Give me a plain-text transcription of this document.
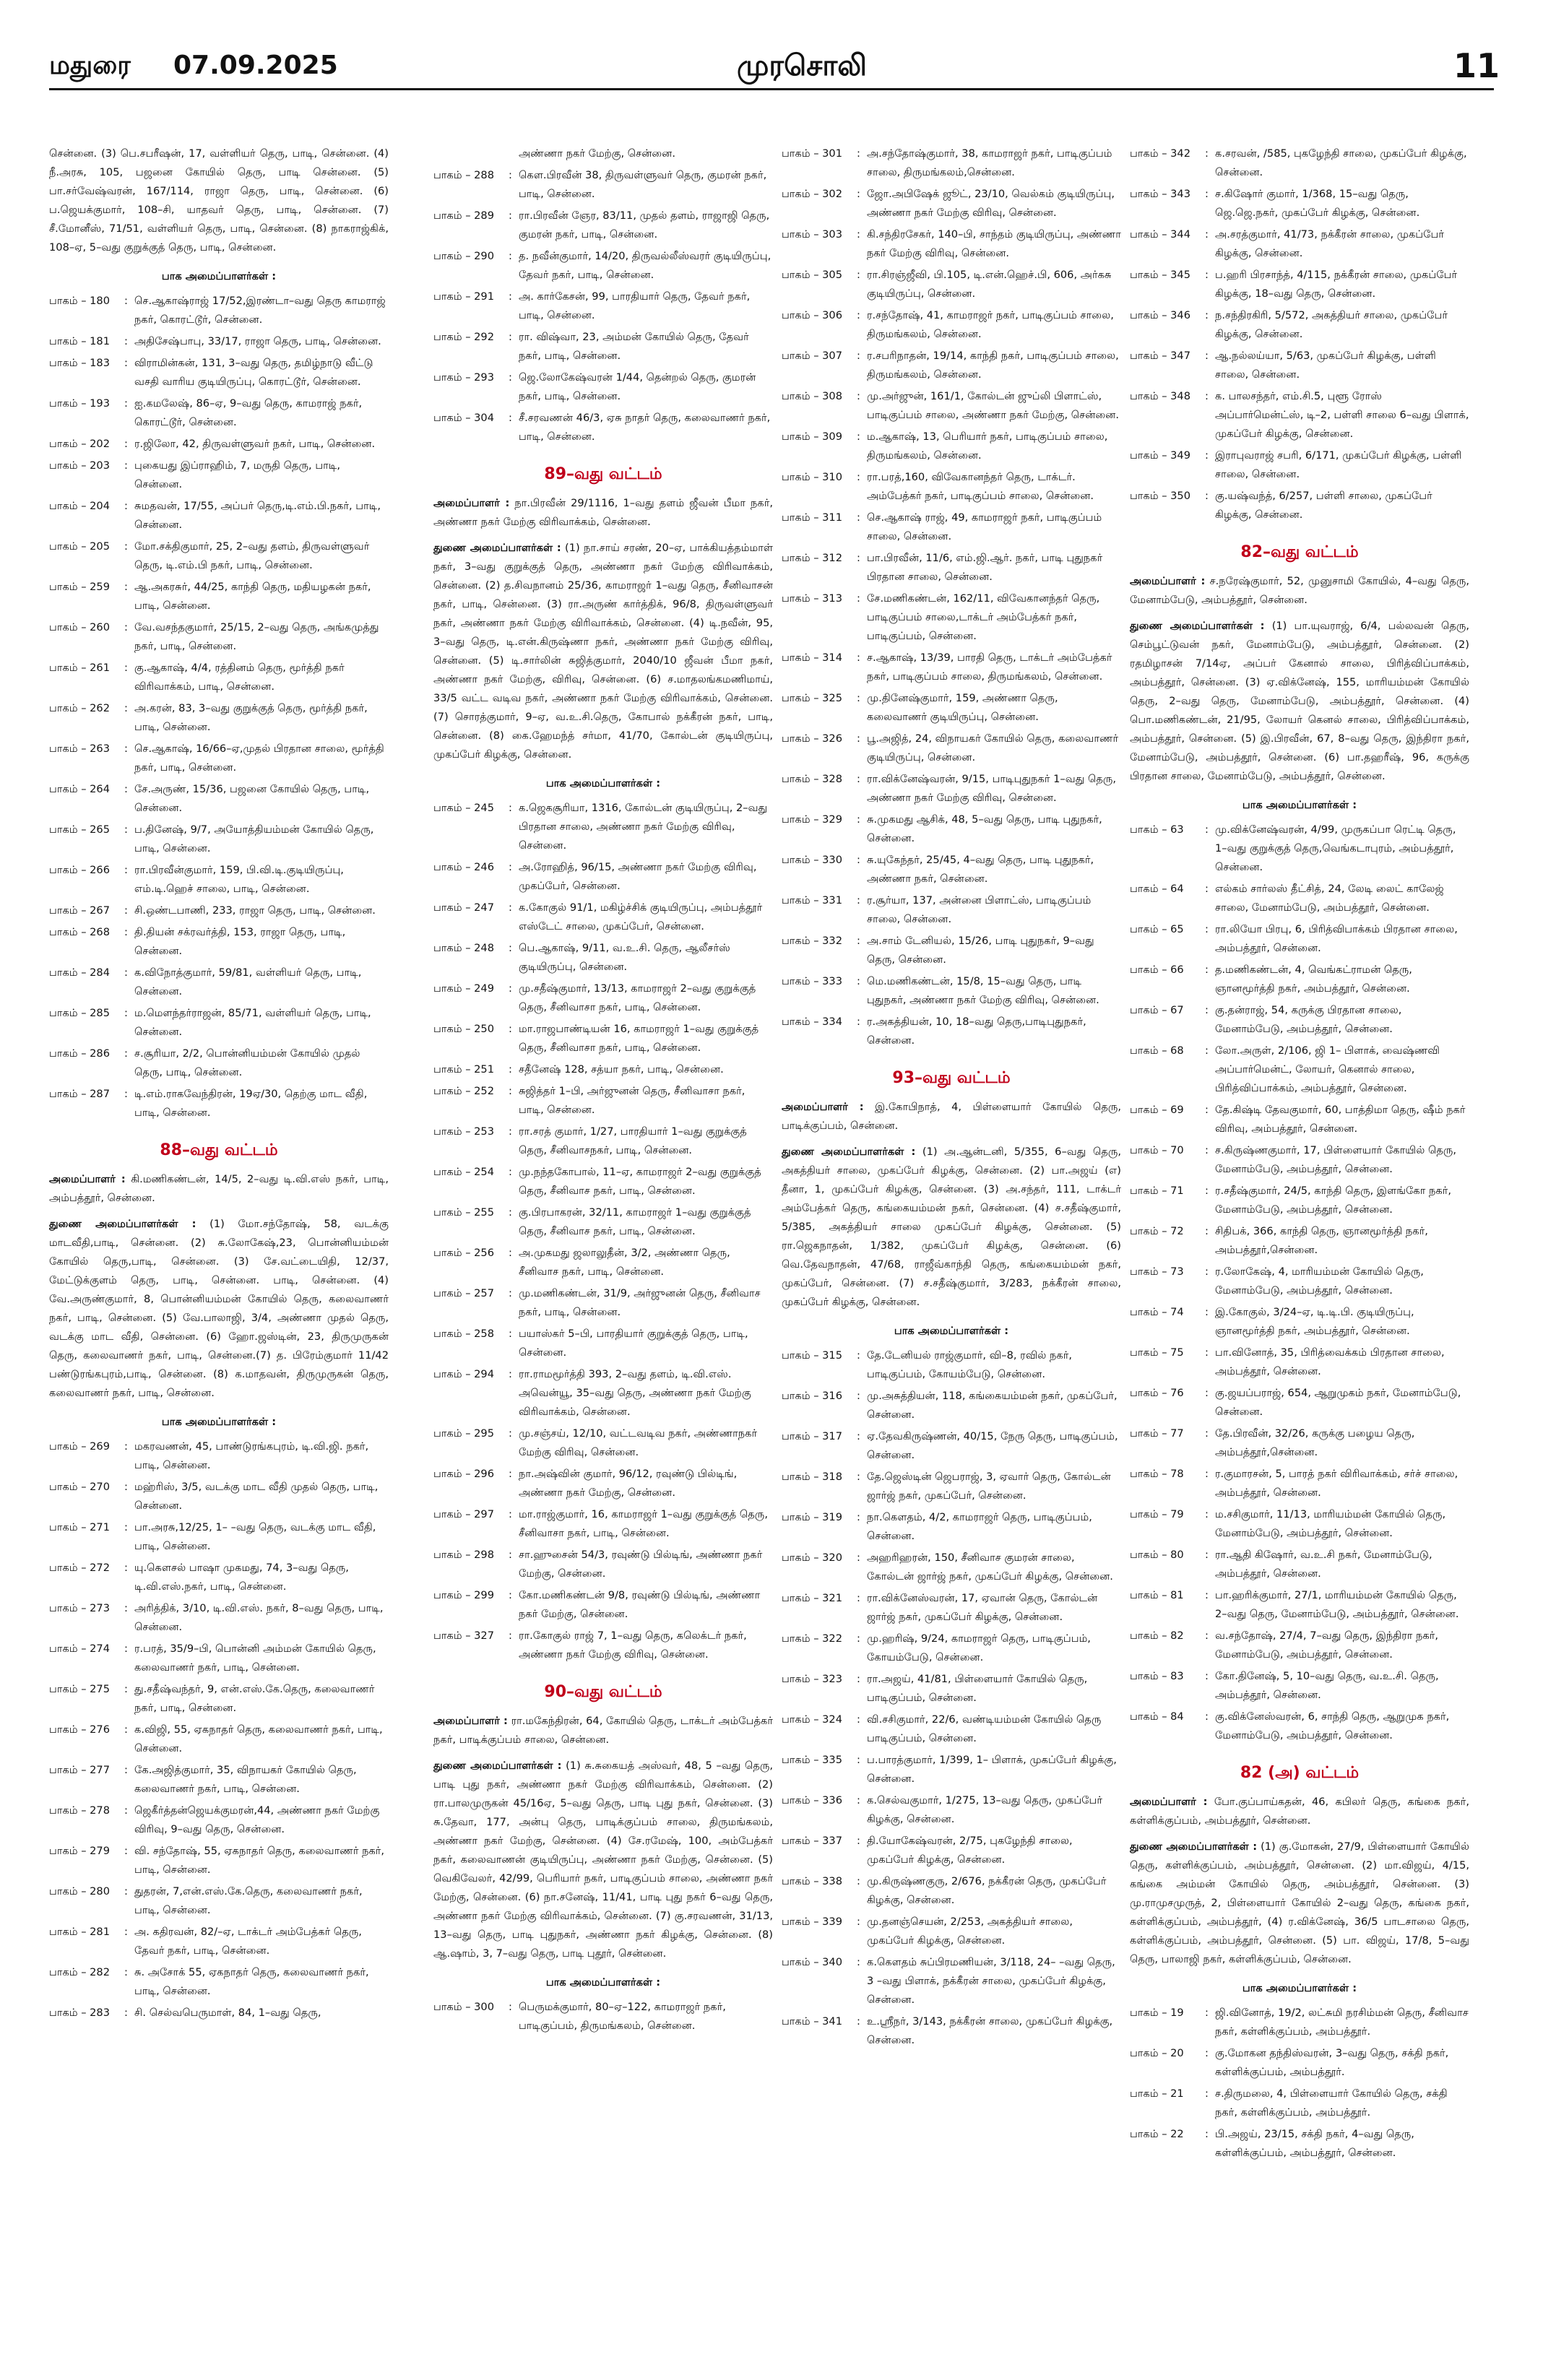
மதுரை 07.09.2025	முரசொலி	11

சென்னை. (3) பெ.சபரீஷன், 17, வள்ளியர் தெரு, பாடி, சென்னை. (4) நீ.அரசு, 105, பஜனை கோயில் தெரு, பாடி சென்னை. (5) பா.சர்வேஷ்வரன், 167/114, ராஜா தெரு, பாடி, சென்னை. (6) ப.ஜெயக்குமார், 108–சி, யாதவர் தெரு, பாடி, சென்னை. (7) சீ.மோனீஸ், 71/51, வள்ளியர் தெரு, பாடி, சென்னை. (8) நாகராஜ்கிக், 108–ஏ, 5–வது குறுக்குத் தெரு, பாடி, சென்னை.

பாக அமைப்பாளர்கள் :
பாகம் – 180	: செ.ஆகாஷ்ராஜ் 17/52,இரண்டா–வது தெரு காமராஜ் நகர், கொரட்டூர், சென்னை.
பாகம் – 181	: அதிசேஷ்பாபு, 33/17, ராஜா தெரு, பாடி, சென்னை.
பாகம் – 183	: விராமின்கன், 131, 3–வது தெரு, தமிழ்நாடு வீட்டு வசதி வாரிய குடியிருப்பு, கொரட்டூர், சென்னை.
பாகம் – 193	: ஐ.கமலேஷ், 86–ஏ, 9–வது தெரு, காமராஜ் நகர், கொரட்டூர், சென்னை.
பாகம் – 202	: ர.ஜிலோ, 42, திருவள்ளுவர் நகர், பாடி, சென்னை.
பாகம் – 203	: புகையது இப்ராஹிம், 7, மருதி தெரு, பாடி, சென்னை.
பாகம் – 204	: சுமதவன், 17/55, அப்பர் தெரு,டி.எம்.பி.நகர், பாடி, சென்னை.
பாகம் – 205	: மோ.சக்திகுமார், 25, 2–வது தளம், திருவள்ளுவர் தெரு, டி.எம்.பி நகர், பாடி, சென்னை.
பாகம் – 259	: ஆ.அகரசுர், 44/25, காந்தி தெரு, மதியழகன் நகர், பாடி, சென்னை.
பாகம் – 260	: வே.வசந்தகுமார், 25/15, 2–வது தெரு, அங்கமுத்து நகர், பாடி, சென்னை.
பாகம் – 261	: கு.ஆகாஷ், 4/4, ரத்தினம் தெரு, மூர்த்தி நகர் விரிவாக்கம், பாடி, சென்னை.
பாகம் – 262	: அ.கரன், 83, 3–வது குறுக்குத் தெரு, மூர்த்தி நகர், பாடி, சென்னை.
பாகம் – 263	: செ.ஆகாஷ், 16/66–ஏ,முதல் பிரதான சாலை, மூர்த்தி நகர், பாடி, சென்னை.
பாகம் – 264	: சே.அருண், 15/36, பஜனை கோயில் தெரு, பாடி, சென்னை.
பாகம் – 265	: ப.தினேஷ், 9/7, அயோத்தியம்மன் கோயில் தெரு, பாடி, சென்னை.
பாகம் – 266	: ரா.பிரவீன்குமார், 159, பி.வி.டி.குடியிருப்பு, எம்.டி.ஹெச் சாலை, பாடி, சென்னை.
பாகம் – 267	: சி.ஒண்டபாணி, 233, ராஜா தெரு, பாடி, சென்னை.
பாகம் – 268	: தி.தியன் சக்ரவர்த்தி, 153, ராஜா தெரு, பாடி, சென்னை.
பாகம் – 284	: க.விநோத்குமார், 59/81, வள்ளியர் தெரு, பாடி, சென்னை.
பாகம் – 285	: ம.மெளந்தர்ராஜன், 85/71, வள்ளியர் தெரு, பாடி, சென்னை.
பாகம் – 286	: ச.சூரியா, 2/2, பொன்னியம்மன் கோயில் முதல் தெரு, பாடி, சென்னை.
பாகம் – 287	: டி.எம்.ராகவேந்திரன், 19ஏ/30, தெற்கு மாட வீதி, பாடி, சென்னை.
88–வது வட்டம்

அமைப்பாளர் : கி.மணிகண்டன், 14/5, 2–வது டி.வி.எஸ் நகர், பாடி, அம்பத்தூர், சென்னை.

துணை அமைப்பாளர்கள் : (1) மோ.சந்தோஷ், 58, வடக்கு மாடவீதி,பாடி, சென்னை. (2) சு.லோகேஷ்,23, பொன்னியம்மன் கோயில் தெரு,பாடி, சென்னை. (3) சே.வட்டையிதி, 12/37, மேட்டுக்குளம் தெரு, பாடி, சென்னை. பாடி, சென்னை. (4) வே.அருண்குமார், 8, பொன்னியம்மன் கோயில் தெரு, கலைவாணர் நகர், பாடி, சென்னை. (5) வே.பாலாஜி, 3/4, அண்ணா முதல் தெரு, வடக்கு மாட வீதி, சென்னை. (6) ஹோ.ஜஸ்டின், 23, திருமுருகன் தெரு, கலைவாணர் நகர், பாடி, சென்னை.(7) த. பிரேம்குமார் 11/42 பண்டுரங்கபுரம்,பாடி, சென்னை. (8) க.மாதவன், திருமுருகன் தெரு, கலைவாணர் நகர், பாடி, சென்னை.

பாக அமைப்பாளர்கள் :
பாகம் – 269	: மகரவணன், 45, பாண்டுரங்கபுரம், டி.வி.ஜி. நகர், பாடி, சென்னை.
பாகம் – 270	: மஹ்ரிஸ், 3/5, வடக்கு மாட வீதி முதல் தெரு, பாடி, சென்னை.
பாகம் – 271	: பா.அரசு,12/25, 1– –வது தெரு, வடக்கு மாட வீதி, பாடி, சென்னை.
பாகம் – 272	: யு.கௌசல் பாஷா முகமது, 74, 3–வது தெரு, டி.வி.எஸ்.நகர், பாடி, சென்னை.
பாகம் – 273	: அரித்திக், 3/10, டி.வி.எஸ். நகர், 8–வது தெரு, பாடி, சென்னை.
பாகம் – 274	: ர.பரத், 35/9–பி, பொன்னி அம்மன் கோயில் தெரு, கலைவாணர் நகர், பாடி, சென்னை.
பாகம் – 275	: து.சதீஷ்வந்தர், 9, என்.எஸ்.கே.தெரு, கலைவாணர் நகர், பாடி, சென்னை.
பாகம் – 276	: க.விஜி, 55, ஏகநாதர் தெரு, கலைவாணர் நகர், பாடி, சென்னை.
பாகம் – 277	: கே.அஜித்குமார், 35, விநாயகர் கோயில் தெரு, கலைவாணர் நகர், பாடி, சென்னை.
பாகம் – 278	: ஜெகீர்த்தன்ஜெயக்குமரன்,44, அண்ணா நகர் மேற்கு விரிவு, 9–வது தெரு, சென்னை.
பாகம் – 279	: வி. சந்தோஷ், 55, ஏகநாதர் தெரு, கலைவாணர் நகர், பாடி, சென்னை.
பாகம் – 280	: துதரன், 7,என்.எஸ்.கே.தெரு, கலைவாணர் நகர், பாடி, சென்னை.
பாகம் – 281	: அ. கதிரவன், 82/–ஏ, டாக்டர் அம்பேத்கர் தெரு, தேவர் நகர், பாடி, சென்னை.
பாகம் – 282	: சு. அசோக் 55, ஏகநாதர் தெரு, கலைவாணர் நகர், பாடி, சென்னை.
பாகம் – 283	: சி. செல்வபெருமாள், 84, 1–வது தெரு,
அண்ணா நகர் மேற்கு, சென்னை.
பாகம் – 288	: கௌ.பிரவீன் 38, திருவள்ளுவர் தெரு, குமரன் நகர், பாடி, சென்னை.
பாகம் – 289	: ரா.பிரவீன் ஞேர, 83/11, முதல் தளம், ராஜாஜி தெரு, குமரன் நகர், பாடி, சென்னை.
பாகம் – 290	: த. நவீன்குமார், 14/20, திருவல்லீஸ்வரர் குடியிருப்பு, தேவர் நகர், பாடி, சென்னை.
பாகம் – 291	: அ. கார்கேசன், 99, பாரதியார் தெரு, தேவர் நகர், பாடி, சென்னை.
பாகம் – 292	: ரா. விஷ்வா, 23, அம்மன் கோயில் தெரு, தேவர் நகர், பாடி, சென்னை.
பாகம் – 293	: ஜெ.லோகேஷ்வரன் 1/44, தென்றல் தெரு, குமரன் நகர், பாடி, சென்னை.
பாகம் – 304	: சீ.சரவணன் 46/3, ஏசு நாதர் தெரு, கலைவாணர் நகர், பாடி, சென்னை.
89–வது வட்டம்

அமைப்பாளர் : நா.பிரவீன் 29/1116, 1–வது தளம் ஜீவன் பீமா நகர், அண்ணா நகர் மேற்கு விரிவாக்கம், சென்னை.

துணை அமைப்பாளர்கள் : (1) நா.சாய் சரண், 20–ஏ, பாக்கியத்தம்மாள் நகர், 3–வது குறுக்குத் தெரு, அண்ணா நகர் மேற்கு விரிவாக்கம், சென்னை. (2) த.சிவநானம் 25/36, காமராஜர் 1–வது தெரு, சீனிவாசன் நகர், பாடி, சென்னை. (3) ரா.அருண் கார்த்திக், 96/8, திருவள்ளுவர் நகர், அண்ணா நகர் மேற்கு விரிவாக்கம், சென்னை. (4) டி.நவீன், 95, 3–வது தெரு, டி.என்.கிருஷ்ணா நகர், அண்ணா நகர் மேற்கு விரிவு, சென்னை. (5) டி.சார்லின் சுஜித்குமார், 2040/10 ஜீவன் பீமா நகர், அண்ணா நகர் மேற்கு, விரிவு, சென்னை. (6) ச.மாதலங்கமணிமாய், 33/5 வட்ட வடிவ நகர், அண்ணா நகர் மேற்கு விரிவாக்கம், சென்னை. (7) சொரத்குமார், 9–ஏ, வ.உ.சி.தெரு, கோபால் நக்கீரன் நகர், பாடி, சென்னை. (8) கை.ஹேமந்த் சர்மா, 41/70, கோல்டன் குடியிருப்பு, முகப்பேர் கிழக்கு, சென்னை.

பாக அமைப்பாளர்கள் :
பாகம் – 245	: க.ஜெகசூரியா, 1316, கோல்டன் குடியிருப்பு, 2–வது பிரதான சாலை, அண்ணா நகர் மேற்கு விரிவு, சென்னை.
பாகம் – 246	: அ.ரோஹித், 96/15, அண்ணா நகர் மேற்கு விரிவு, முகப்பேர், சென்னை.
பாகம் – 247	: க.கோகுல் 91/1, மகிழ்ச்சிக் குடியிருப்பு, அம்பத்தூர் எஸ்டேட் சாலை, முகப்பேர், சென்னை.
பாகம் – 248	: பெ.ஆகாஷ், 9/11, வ.உ.சி. தெரு, ஆலீசர்ஸ் குடியிருப்பு, சென்னை.
பாகம் – 249	: மு.சதீஷ்குமார், 13/13, காமராஜர் 2–வது குறுக்குத் தெரு, சீனிவாசா நகர், பாடி, சென்னை.
பாகம் – 250	: மா.ராஜபாண்டியன் 16, காமராஜர் 1–வது குறுக்குத் தெரு, சீனிவாசா நகர், பாடி, சென்னை.
பாகம் – 251	: சதீனேஷ் 128, சத்யா நகர், பாடி, சென்னை.
பாகம் – 252	: சுஜித்தர் 1–பி, அர்ஜுனன் தெரு, சீனிவாசா நகர், பாடி, சென்னை.
பாகம் – 253	: ரா.சரத் குமார், 1/27, பாரதியார் 1–வது குறுக்குத் தெரு, சீனிவாசநகர், பாடி, சென்னை.
பாகம் – 254	: மு.நந்தகோபால், 11–ஏ, காமராஜர் 2–வது குறுக்குத் தெரு, சீனிவாச நகர், பாடி, சென்னை.
பாகம் – 255	: கு.பிரபாகரன், 32/11, காமராஜர் 1–வது குறுக்குத் தெரு, சீனிவாச நகர், பாடி, சென்னை.
பாகம் – 256	: அ.முகமது ஜலாலுதீன், 3/2, அண்ணா தெரு, சீனிவாச நகர், பாடி, சென்னை.
பாகம் – 257	: மு.மணிகண்டன், 31/9, அர்ஜுனன் தெரு, சீனிவாச நகர், பாடி, சென்னை.
பாகம் – 258	: பயாஸ்கர் 5–பி, பாரதியார் குறுக்குத் தெரு, பாடி, சென்னை.
பாகம் – 294	: ரா.ராமமூர்த்தி 393, 2–வது தளம், டி.வி.எஸ். அவென்யூ, 35–வது தெரு, அண்ணா நகர் மேற்கு விரிவாக்கம், சென்னை.
பாகம் – 295	: மு.சஞ்சய், 12/10, வட்டவடிவ நகர், அண்ணாநகர் மேற்கு விரிவு, சென்னை.
பாகம் – 296	: நா.அஷ்வின் குமார், 96/12, ரவுண்டு பில்டிங், அண்ணா நகர் மேற்கு, சென்னை.
பாகம் – 297	: மா.ராஜ்குமார், 16, காமராஜர் 1–வது குறுக்குத் தெரு, சீனிவாசா நகர், பாடி, சென்னை.
பாகம் – 298	: சா.ஹுசைன் 54/3, ரவுண்டு பில்டிங், அண்ணா நகர் மேற்கு, சென்னை.
பாகம் – 299	: கோ.மணிகண்டன் 9/8, ரவுண்டு பில்டிங், அண்ணா நகர் மேற்கு, சென்னை.
பாகம் – 327	: ரா.கோகுல் ராஜ் 7, 1–வது தெரு, கலெக்டர் நகர், அண்ணா நகர் மேற்கு விரிவு, சென்னை.
90–வது வட்டம்

அமைப்பாளர் : ரா.மகேந்திரன், 64, கோயில் தெரு, டாக்டர் அம்பேத்கர் நகர், பாடிக்குப்பம் சாலை, சென்னை.

துணை அமைப்பாளர்கள் : (1) சு.சுகையத் அஸ்வர், 48, 5 –வது தெரு, பாடி புது நகர், அண்ணா நகர் மேற்கு விரிவாக்கம், சென்னை. (2) ரா.பாலமுருகன் 45/16ஏ, 5–வது தெரு, பாடி புது நகர், சென்னை. (3) சு.தேவா, 177, அன்பு தெரு, பாடிக்குப்பம் சாலை, திருமங்கலம், அண்ணா நகர் மேற்கு, சென்னை. (4) சே.ரமேஷ், 100, அம்பேத்கர் நகர், கலைவாணன் குடியிருப்பு, அண்ணா நகர் மேற்கு, சென்னை. (5) வெகிவேலர், 42/99, பெரியார் நகர், பாடிகுப்பம் சாலை, அண்ணா நகர் மேற்கு, சென்னை. (6) நா.சனேஷ், 11/41, பாடி புது நகர் 6–வது தெரு, அண்ணா நகர் மேற்கு விரிவாக்கம், சென்னை. (7) கு.சரவணன், 31/13, 13–வது தெரு, பாடி புதுநகர், அண்ணா நகர் கிழக்கு, சென்னை. (8) ஆ.ஷாம், 3, 7–வது தெரு, பாடி புதூர், சென்னை.

பாக அமைப்பாளர்கள் :
பாகம் – 300	: பெருமக்குமார், 80–ஏ–122, காமராஜர் நகர், பாடிகுப்பம், திருமங்கலம், சென்னை.
பாகம் – 301	: அ.சந்தோஷ்குமார், 38, காமராஜர் நகர், பாடிகுப்பம் சாலை, திருமங்கலம்,சென்னை.
பாகம் – 302	: ஜோ.அபிஷேக் ஜூட், 23/10, வெல்கம் குடியிருப்பு, அண்ணா நகர் மேற்கு விரிவு, சென்னை.
பாகம் – 303	: கி.சந்திரசேகர், 140–பி, சாந்தம் குடியிருப்பு, அண்ணா நகர் மேற்கு விரிவு, சென்னை.
பாகம் – 305	: ரா.சிரஞ்ஜீவி, பி.105, டி.என்.ஹெச்.பி, 606, அர்கசு குடியிருப்பு, சென்னை.
பாகம் – 306	: ர.சந்தோஷ், 41, காமராஜர் நகர், பாடிகுப்பம் சாலை, திருமங்கலம், சென்னை.
பாகம் – 307	: ர.சபரிநாதன், 19/14, காந்தி நகர், பாடிகுப்பம் சாலை, திருமங்கலம், சென்னை.
பாகம் – 308	: மு.அர்ஜுன், 161/1, கோல்டன் ஜுப்லி பிளாட்ஸ், பாடிகுப்பம் சாலை, அண்ணா நகர் மேற்கு, சென்னை.
பாகம் – 309	: ம.ஆகாஷ், 13, பெரியார் நகர், பாடிகுப்பம் சாலை, திருமங்கலம், சென்னை.
பாகம் – 310	: ரா.பரத்,160, விவேகானந்தர் தெரு, டாக்டர். அம்பேத்கர் நகர், பாடிகுப்பம் சாலை, சென்னை.
பாகம் – 311	: செ.ஆகாஷ் ராஜ், 49, காமராஜர் நகர், பாடிகுப்பம் சாலை, சென்னை.
பாகம் – 312	: பா.பிரவீன், 11/6, எம்.ஜி.ஆர். நகர், பாடி புதுநகர் பிரதான சாலை, சென்னை.
பாகம் – 313	: சே.மணிகண்டன், 162/11, விவேகானந்தர் தெரு, பாடிகுப்பம் சாலை,டாக்டர் அம்பேத்கர் நகர், பாடிகுப்பம், சென்னை.
பாகம் – 314	: ச.ஆகாஷ், 13/39, பாரதி தெரு, டாக்டர் அம்பேத்கர் நகர், பாடிகுப்பம் சாலை, திருமங்கலம், சென்னை.
பாகம் – 325	: மு.தினேஷ்குமார், 159, அண்ணா தெரு, கலைவாணர் குடியிருப்பு, சென்னை.
பாகம் – 326	: பூ.அஜித், 24, விநாயகர் கோயில் தெரு, கலைவாணர் குடியிருப்பு, சென்னை.
பாகம் – 328	: ரா.விக்னேஷ்வரன், 9/15, பாடிபுதுநகர் 1–வது தெரு, அண்ணா நகர் மேற்கு விரிவு, சென்னை.
பாகம் – 329	: சு.முகமது ஆசிக், 48, 5–வது தெரு, பாடி புதுநகர், சென்னை.
பாகம் – 330	: சு.யுகேந்தர், 25/45, 4–வது தெரு, பாடி புதுநகர், அண்ணா நகர், சென்னை.
பாகம் – 331	: ர.சூர்யா, 137, அன்னை பிளாட்ஸ், பாடிகுப்பம் சாலை, சென்னை.
பாகம் – 332	: அ.சாம் டேனியல், 15/26, பாடி புதுநகர், 9–வது தெரு, சென்னை.
பாகம் – 333	: மெ.மணிகண்டன், 15/8, 15–வது தெரு, பாடி புதுநகர், அண்ணா நகர் மேற்கு விரிவு, சென்னை.
பாகம் – 334	: ர.அகத்தியன், 10, 18–வது தெரு,பாடிபுதுநகர், சென்னை.
93–வது வட்டம்

அமைப்பாளர் : இ.கோபிநாத், 4, பிள்ளையார் கோயில் தெரு, பாடிக்குப்பம், சென்னை.

துணை அமைப்பாளர்கள் : (1) அ.ஆன்டனி, 5/355, 6–வது தெரு, அகத்தியர் சாலை, முகப்பேர் கிழக்கு, சென்னை. (2) பா.அஜய் (எ) தீனா, 1, முகப்பேர் கிழக்கு, சென்னை. (3) அ.சந்தர், 111, டாக்டர் அம்பேத்கர் தெரு, கங்கையம்மன் நகர், சென்னை. (4) ச.சதீஷ்குமார், 5/385, அகத்தியர் சாலை முகப்பேர் கிழக்கு, சென்னை. (5) ரா.ஜெகநாதன், 1/382, முகப்பேர் கிழக்கு, சென்னை. (6) வெ.தேவநாதன், 47/68, ராஜீவ்காந்தி தெரு, கங்கையம்மன் நகர், முகப்பேர், சென்னை. (7) ச.சதீஷ்குமார், 3/283, நக்கீரன் சாலை, முகப்பேர் கிழக்கு, சென்னை.

பாக அமைப்பாளர்கள் :
பாகம் – 315	: தே.டேனியல் ராஜ்குமார், வி–8, ரவில் நகர், பாடிகுப்பம், கோயம்பேடு, சென்னை.
பாகம் – 316	: மு.அசுத்தியன், 118, கங்கையம்மன் நகர், முகப்பேர், சென்னை.
பாகம் – 317	: ஏ.தேவகிருஷ்ணன், 40/15, நேரு தெரு, பாடிகுப்பம், சென்னை.
பாகம் – 318	: தே.ஜெஸ்டின் ஜெபராஜ், 3, ஏவார் தெரு, கோல்டன் ஜார்ஜ் நகர், முகப்பேர், சென்னை.
பாகம் – 319	: நா.கௌதம், 4/2, காமராஜர் தெரு, பாடிகுப்பம், சென்னை.
பாகம் – 320	: அஹரிஹரன், 150, சீனிவாச குமரன் சாலை, கோல்டன் ஜார்ஜ் நகர், முகப்பேர் கிழக்கு, சென்னை.
பாகம் – 321	: ரா.விக்னேஸ்வரன், 17, ஏவான் தெரு, கோல்டன் ஜார்ஜ் நகர், முகப்பேர் கிழக்கு, சென்னை.
பாகம் – 322	: மு.ஹரிஷ், 9/24, காமராஜர் தெரு, பாடிகுப்பம், கோயம்பேடு, சென்னை.
பாகம் – 323	: ரா.அஜய், 41/81, பிள்ளையார் கோயில் தெரு, பாடிகுப்பம், சென்னை.
பாகம் – 324	: வி.சசிகுமார், 22/6, வண்டியம்மன் கோயில் தெரு பாடிகுப்பம், சென்னை.
பாகம் – 335	: ப.பாரத்குமார், 1/399, 1– பிளாக், முகப்பேர் கிழக்கு, சென்னை.
பாகம் – 336	: க.செல்வகுமார், 1/275, 13–வது தெரு, முகப்பேர் கிழக்கு, சென்னை.
பாகம் – 337	: தி.யோகேஷ்வரன், 2/75, புகழேந்தி சாலை, முகப்பேர் கிழக்கு, சென்னை.
பாகம் – 338	: மு.கிருஷ்ணகுரு, 2/676, நக்கீரன் தெரு, முகப்பேர் கிழக்கு, சென்னை.
பாகம் – 339	: மு.தனஞ்செயன், 2/253, அகத்தியர் சாலை, முகப்பேர் கிழக்கு, சென்னை.
பாகம் – 340	: க.கௌதம் சுப்பிரமணியன், 3/118, 24– –வது தெரு, 3 –வது பிளாக், நக்கீரன் சாலை, முகப்பேர் கிழக்கு, சென்னை.
பாகம் – 341	: உ.ஸ்ரீநர், 3/143, நக்கீரன் சாலை, முகப்பேர் கிழக்கு, சென்னை.
பாகம் – 342	: க.சரவன், /585, புகழேந்தி சாலை, முகப்பேர் கிழக்கு, சென்னை.
பாகம் – 343	: ச.கிஷோர் குமார், 1/368, 15–வது தெரு, ஜெ.ஜெ.நகர், முகப்பேர் கிழக்கு, சென்னை.
பாகம் – 344	: அ.சரத்குமார், 41/73, நக்கீரன் சாலை, முகப்பேர் கிழக்கு, சென்னை.
பாகம் – 345	: ப.ஹரி பிரசாந்த், 4/115, நக்கீரன் சாலை, முகப்பேர் கிழக்கு, 18–வது தெரு, சென்னை.
பாகம் – 346	: ந.சந்திரகிரி, 5/572, அகத்தியர் சாலை, முகப்பேர் கிழக்கு, சென்னை.
பாகம் – 347	: ஆ.நல்லய்யா, 5/63, முகப்பேர் கிழக்கு, பள்ளி சாலை, சென்னை.
பாகம் – 348	: க. பாலசந்தர், எம்.சி.5, புளூ ரோஸ் அப்பார்மென்ட்ஸ், டி–2, பள்ளி சாலை 6–வது பிளாக், முகப்பேர் கிழக்கு, சென்னை.
பாகம் – 349	: இராபுவராஜ் சபரி, 6/171, முகப்பேர் கிழக்கு, பள்ளி சாலை, சென்னை.
பாகம் – 350	: கு.யஷ்வந்த், 6/257, பள்ளி சாலை, முகப்பேர் கிழக்கு, சென்னை.
82–வது வட்டம்

அமைப்பாளர் : ச.நரேஷ்குமார், 52, முனுசாமி கோயில், 4–வது தெரு, மேனாம்பேடு, அம்பத்தூர், சென்னை.

துணை அமைப்பாளர்கள் : (1) பா.யுவராஜ், 6/4, பல்லவன் தெரு, செம்பூட்டுவன் நகர், மேனாம்பேடு, அம்பத்தூர், சென்னை. (2) ரதமிழாசன் 7/14ஏ, அப்பர் கேனால் சாலை, பிரித்விப்பாக்கம், அம்பத்தூர், சென்னை. (3) ஏ.விக்னேஷ், 155, மாரியம்மன் கோயில் தெரு, 2–வது தெரு, மேனாம்பேடு, அம்பத்தூர், சென்னை. (4) பொ.மணிகண்டன், 21/95, லோயர் கெனல் சாலை, பிரித்விப்பாக்கம், அம்பத்தூர், சென்னை. (5) இ.பிரவீன், 67, 8–வது தெரு, இந்திரா நகர், மேனாம்பேடு, அம்பத்தூர், சென்னை. (6) பா.தஹரீஷ், 96, கருக்கு பிரதான சாலை, மேனாம்பேடு, அம்பத்தூர், சென்னை.

பாக அமைப்பாளர்கள் :
பாகம் – 63	: மு.விக்னேஷ்வரன், 4/99, முருகப்பா ரெட்டி தெரு, 1–வது குறுக்குத் தெரு,வெங்கடாபுரம், அம்பத்தூர், சென்னை.
பாகம் – 64	: எல்கம் சார்லஸ் தீட்சித், 24, லேடி லைட் காலேஜ் சாலை, மேனாம்பேடு, அம்பத்தூர், சென்னை.
பாகம் – 65	: ரா.லியோ பிரபு, 6, பிரித்விபாக்கம் பிரதான சாலை, அம்பத்தூர், சென்னை.
பாகம் – 66	: த.மணிகண்டன், 4, வெங்கட்ராமன் தெரு, ஞானமூர்த்தி நகர், அம்பத்தூர், சென்னை.
பாகம் – 67	: கு.தன்ராஜ், 54, கருக்கு பிரதான சாலை, மேனாம்பேடு, அம்பத்தூர், சென்னை.
பாகம் – 68	: லோ.அருள், 2/106, ஜி 1– பிளாக், வைஷ்ணவி அப்பார்மென்ட், லோயர், கெனால் சாலை, பிரித்விப்பாக்கம், அம்பத்தூர், சென்னை.
பாகம் – 69	: தே.கிஷ்டி தேவகுமார், 60, பாத்திமா தெரு, ஷீம் நகர் விரிவு, அம்பத்தூர், சென்னை.
பாகம் – 70	: ச.கிருஷ்ணகுமார், 17, பிள்ளையார் கோயில் தெரு, மேனாம்பேடு, அம்பத்தூர், சென்னை.
பாகம் – 71	: ர.சதீஷ்குமார், 24/5, காந்தி தெரு, இளங்கோ நகர், மேனாம்பேடு, அம்பத்தூர், சென்னை.
பாகம் – 72	: சிதிபக், 366, காந்தி தெரு, ஞானமூர்த்தி நகர், அம்பத்தூர்,சென்னை.
பாகம் – 73	: ர.லோகேஷ், 4, மாரியம்மன் கோயில் தெரு, மேனாம்பேடு, அம்பத்தூர், சென்னை.
பாகம் – 74	: இ.கோகுல், 3/24–ஏ, டி.டி.பி. குடியிருப்பு, ஞானமூர்த்தி நகர், அம்பத்தூர், சென்னை.
பாகம் – 75	: பா.வினோத், 35, பிரித்வைக்கம் பிரதான சாலை, அம்பத்தூர், சென்னை.
பாகம் – 76	: கு.ஜயப்பராஜ், 654, ஆறுமுகம் நகர், மேனாம்பேடு, சென்னை.
பாகம் – 77	: தே.பிரவீன், 32/26, கருக்கு பழைய தெரு, அம்பத்தூர்,சென்னை.
பாகம் – 78	: ர.குமாரசன், 5, பாரத் நகர் விரிவாக்கம், சர்ச் சாலை, அம்பத்தூர், சென்னை.
பாகம் – 79	: ம.சசிகுமார், 11/13, மாரியம்மன் கோயில் தெரு, மேனாம்பேடு, அம்பத்தூர், சென்னை.
பாகம் – 80	: ரா.ஆதி கிஷோர், வ.உ.சி நகர், மேனாம்பேடு, அம்பத்தூர், சென்னை.
பாகம் – 81	: பா.ஹரிக்குமார், 27/1, மாரியம்மன் கோயில் தெரு, 2–வது தெரு, மேனாம்பேடு, அம்பத்தூர், சென்னை.
பாகம் – 82	: வ.சந்தோஷ், 27/4, 7–வது தெரு, இந்திரா நகர், மேனாம்பேடு, அம்பத்தூர், சென்னை.
பாகம் – 83	: கோ.தினேஷ், 5, 10–வது தெரு, வ.உ.சி. தெரு, அம்பத்தூர், சென்னை.
பாகம் – 84	: கு.விக்னேஸ்வரன், 6, சாந்தி தெரு, ஆறுமுக நகர், மேனாம்பேடு, அம்பத்தூர், சென்னை.
82 (அ) வட்டம்

அமைப்பாளர் : போ.குப்பாய்கதன், 46, கபிலர் தெரு, கங்கை நகர், கள்ளிக்குப்பம், அம்பத்தூர், சென்னை.

துணை அமைப்பாளர்கள் : (1) கு.மோகன், 27/9, பிள்ளையார் கோயில் தெரு, கள்ளிக்குப்பம், அம்பத்தூர், சென்னை. (2) மா.விஜய், 4/15, கங்கை அம்மன் கோயில் தெரு, அம்பத்தூர், சென்னை. (3) மு.ராமுசமுருத், 2, பிள்ளையார் கோயில் 2–வது தெரு, கங்கை நகர், கள்ளிக்குப்பம், அம்பத்தூர், (4) ர.விக்னேஷ், 36/5 பாடசாலை தெரு, கள்ளிக்குப்பம், அம்பத்தூர், சென்னை. (5) பா. விஜய், 17/8, 5–வது தெரு, பாலாஜி நகர், கள்ளிக்குப்பம், சென்னை.

பாக அமைப்பாளர்கள் :
பாகம் – 19	: ஜி.வினோத், 19/2, லட்சுமி நரசிம்மன் தெரு, சீனிவாச நகர், கள்ளிக்குப்பம், அம்பத்தூர்.
பாகம் – 20	: கு.மோகன தந்திஸ்வரன், 3–வது தெரு, சக்தி நகர், கள்ளிக்குப்பம், அம்பத்தூர்.
பாகம் – 21	: ச.திருமலை, 4, பிள்ளையார் கோயில் தெரு, சக்தி நகர், கள்ளிக்குப்பம், அம்பத்தூர்.
பாகம் – 22	: பி.அஜய், 23/15, சக்தி நகர், 4–வது தெரு, கள்ளிக்குப்பம், அம்பத்தூர், சென்னை.
